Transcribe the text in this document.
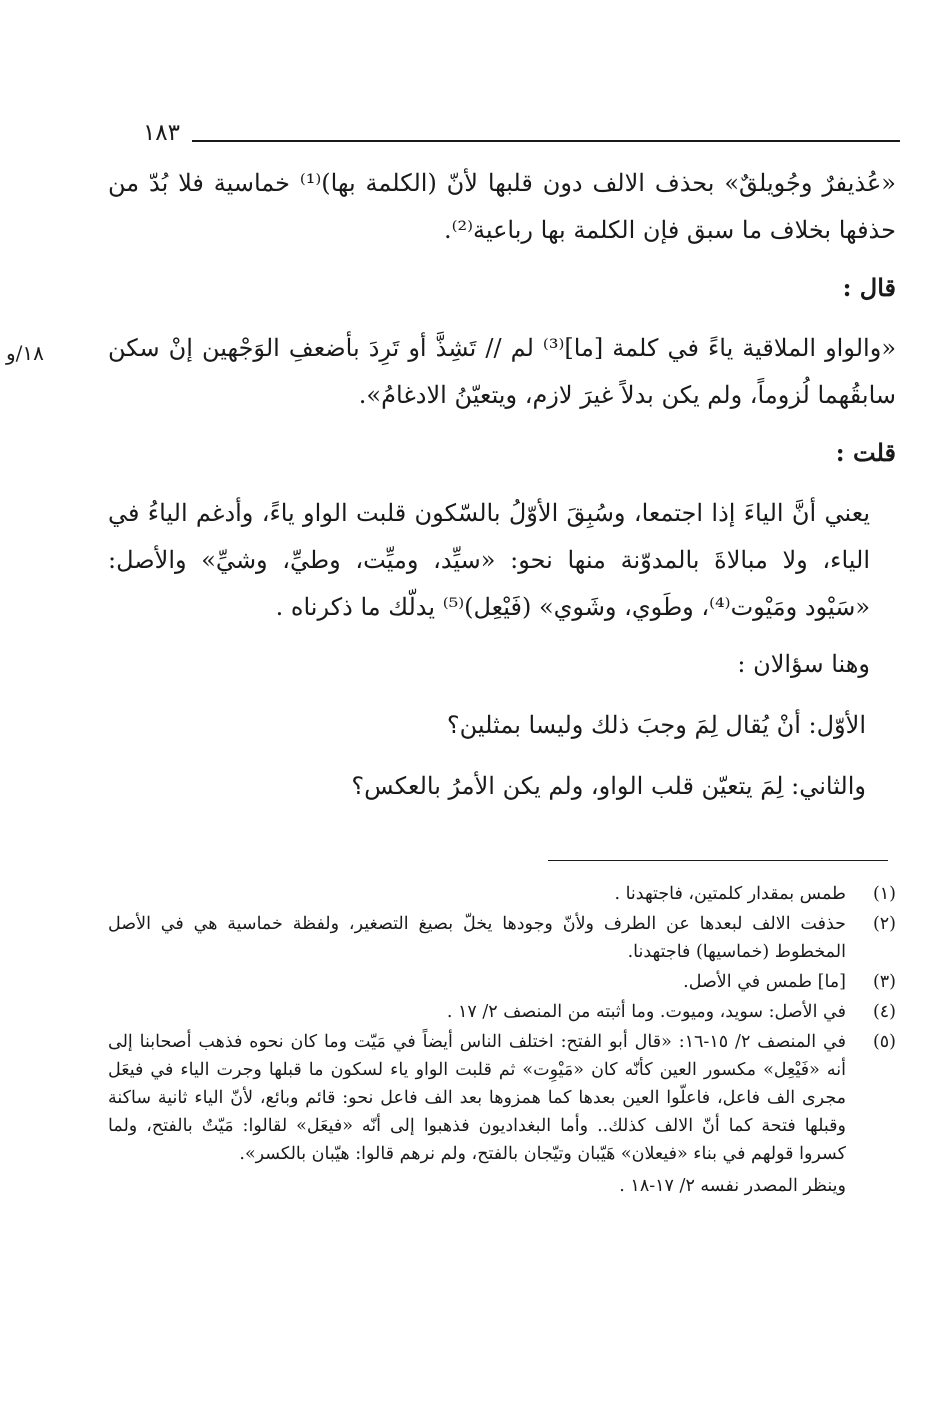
١٨٣
١٨/و

«عُذيفرٌ وجُويلقٌ» بحذف الالف دون قلبها لأنّ (الكلمة بها)⁽¹⁾ خماسية فلا بُدّ من حذفها بخلاف ما سبق فإن الكلمة بها رباعية⁽²⁾.

قال :

«والواو الملاقية ياءً في كلمة [ما]⁽³⁾ لم // تَشِذَّ أو تَرِدَ بأضعفِ الوَجْهين إنْ سكن سابقُهما لُزوماً، ولم يكن بدلاً غيرَ لازم، ويتعيّنُ الادغامُ».

قلت :

يعني أنَّ الياءَ إذا اجتمعا، وسُبِقَ الأوّلُ بالسّكون قلبت الواو ياءً، وأدغم الياءُ في الياء، ولا مبالاةَ بالمدوّنة منها نحو: «سيِّد، وميِّت، وطيِّ، وشيِّ» والأصل: «سَيْود ومَيْوت⁽⁴⁾، وطَوي، وشَوي» (فَيْعِل)⁽⁵⁾ يدلّك ما ذكرناه .

وهنا سؤالان :

الأوّل: أنْ يُقال لِمَ وجبَ ذلك وليسا بمثلين؟

والثاني: لِمَ يتعيّن قلب الواو، ولم يكن الأمرُ بالعكس؟

(١)
طمس بمقدار كلمتين، فاجتهدنا .
(٢)
حذفت الالف لبعدها عن الطرف ولأنّ وجودها يخلّ بصيغ التصغير، ولفظة خماسية هي في الأصل المخطوط (خماسيها) فاجتهدنا.
(٣)
[ما] طمس في الأصل.
(٤)
في الأصل: سويد، وميوت. وما أثبته من المنصف ٢/ ١٧ .
(٥)
في المنصف ٢/ ١٥-١٦: «قال أبو الفتح: اختلف الناس أيضاً في مَيّت وما كان نحوه فذهب أصحابنا إلى أنه «فَيْعِل» مكسور العين كأنّه كان «مَيْوِت» ثم قلبت الواو ياء لسكون ما قبلها وجرت الياء في فيعَل مجرى الف فاعل، فاعلّوا العين بعدها كما همزوها بعد الف فاعل نحو: قائم وبائع، لأنّ الياء ثانية ساكنة وقبلها فتحة كما أنّ الالف كذلك.. وأما البغداديون فذهبوا إلى أنّه «فيعَل» لقالوا: مَيّتٌ بالفتح، ولما كسروا قولهم في بناء «فيعلان» هَيّبان وتيّجان بالفتح، ولم نرهم قالوا: هيّبان بالكسر».
وينظر المصدر نفسه ٢/ ١٧-١٨ .
